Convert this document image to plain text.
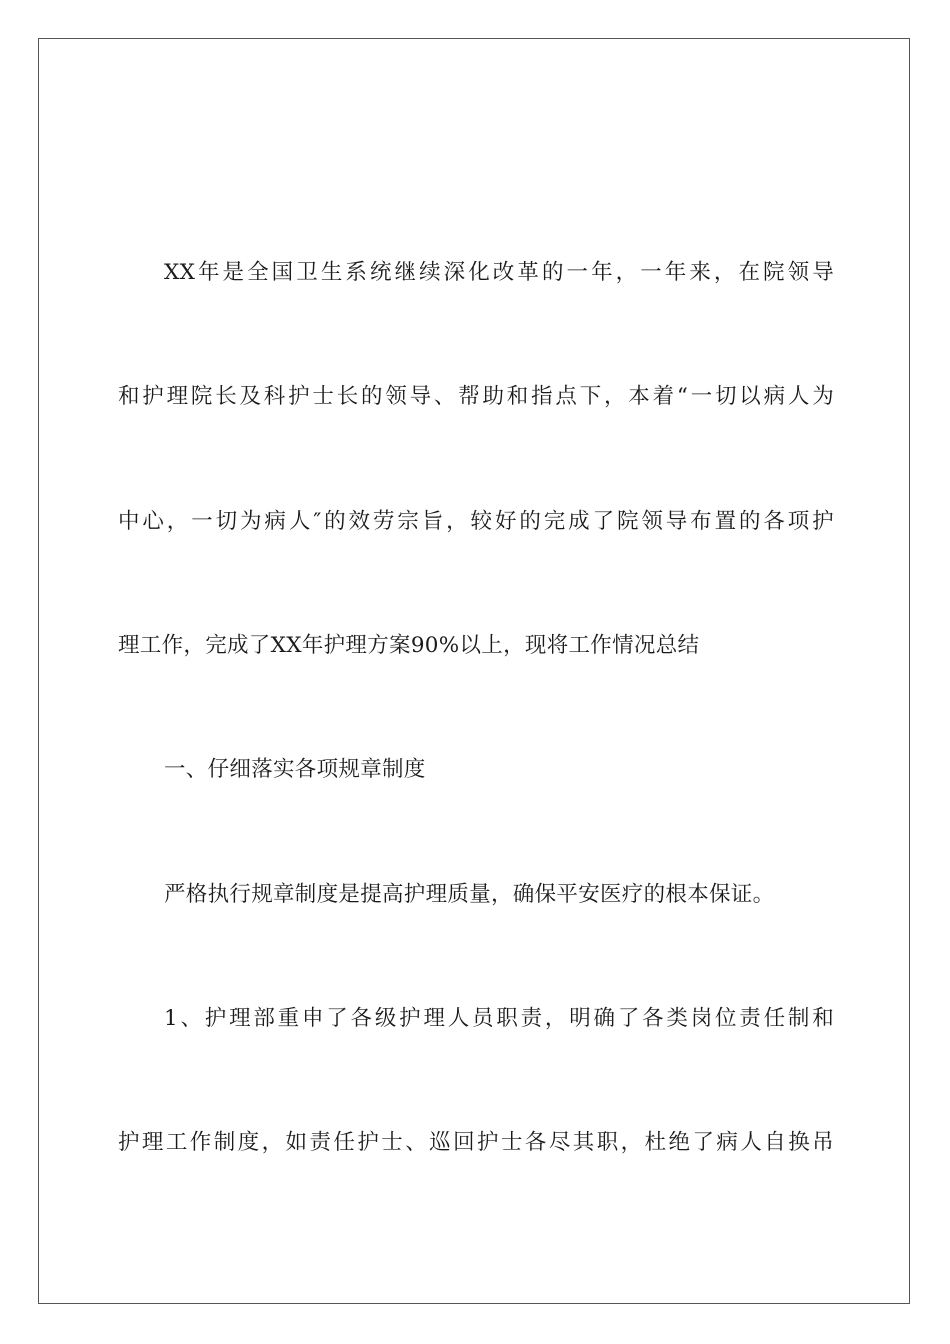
XX年是全国卫生系统继续深化改革的一年，一年来，在院领导
和护理院长及科护士长的领导、帮助和指点下，本着“一切以病人为
中心，一切为病人″的效劳宗旨，较好的完成了院领导布置的各项护
理工作，完成了XX年护理方案90%以上，现将工作情况总结
一、仔细落实各项规章制度
严格执行规章制度是提高护理质量，确保平安医疗的根本保证。
1、护理部重申了各级护理人员职责，明确了各类岗位责任制和
护理工作制度，如责任护士、巡回护士各尽其职，杜绝了病人自换吊
